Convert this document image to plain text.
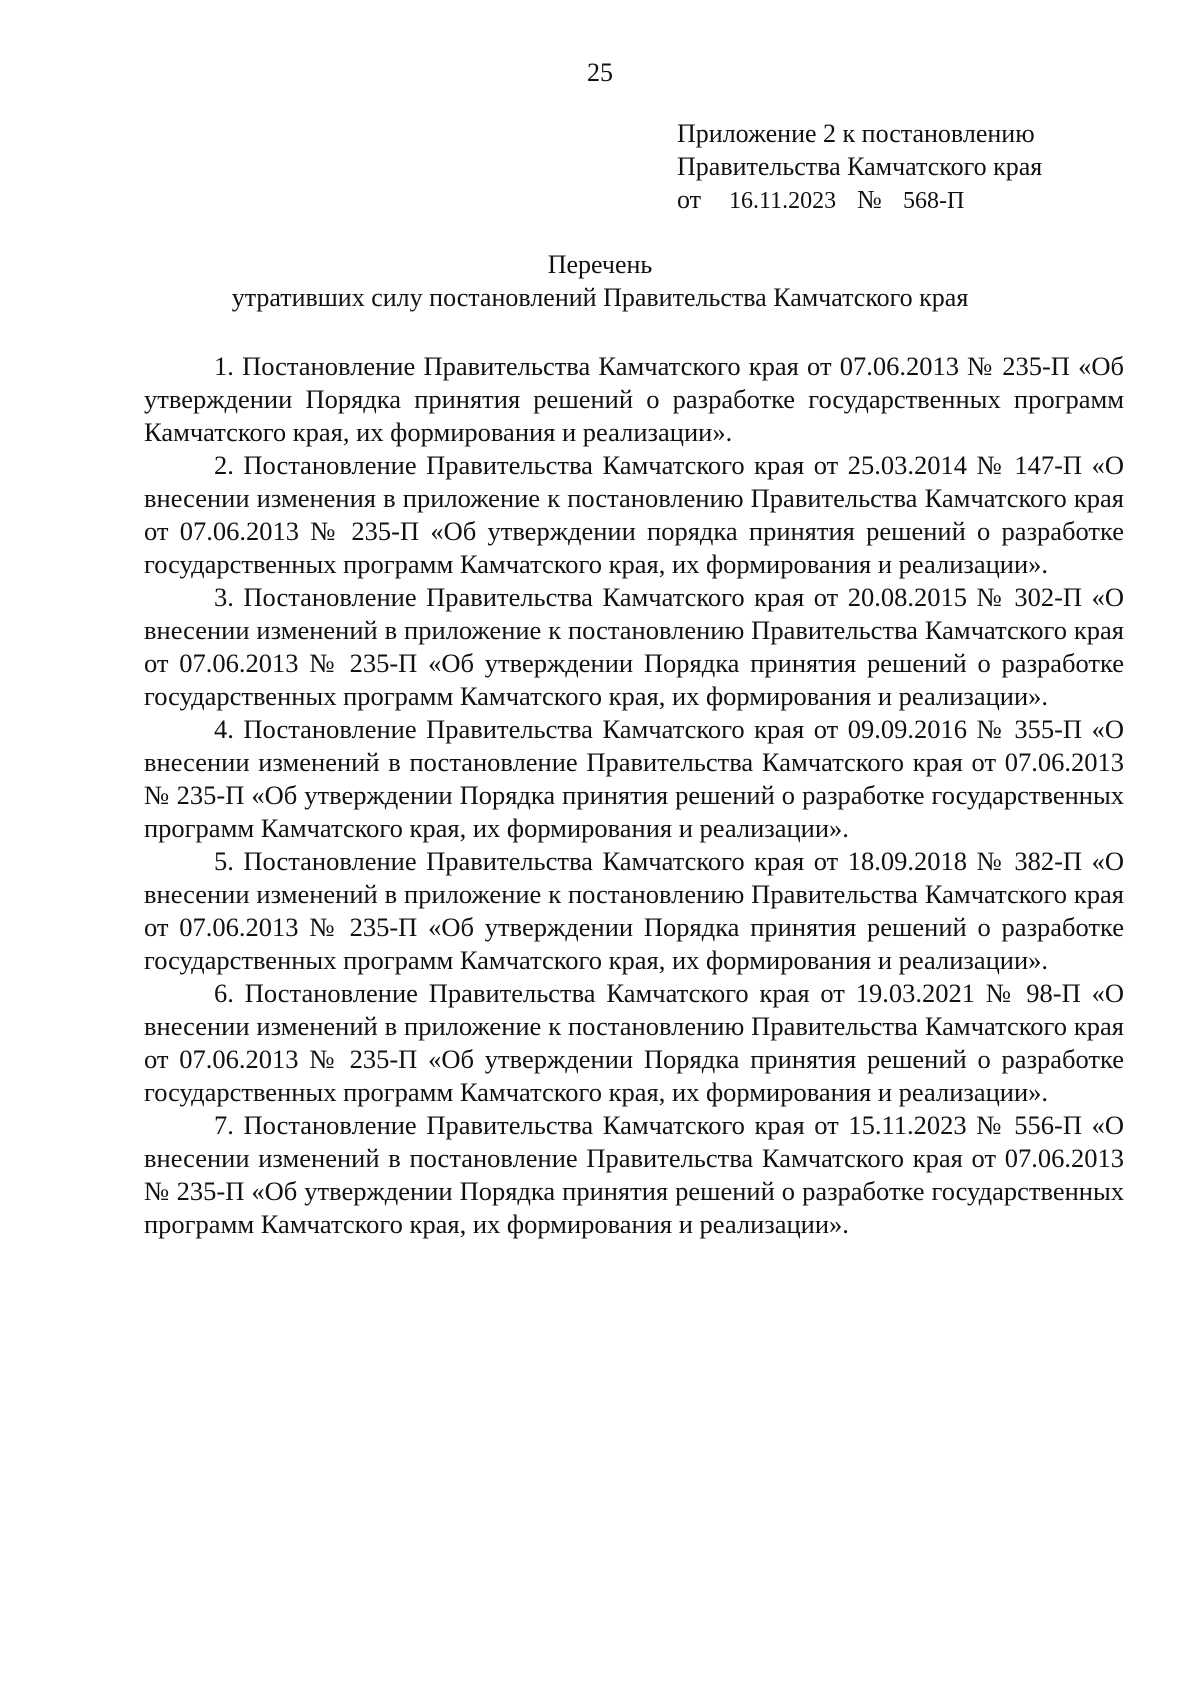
25
Приложение 2 к постановлению
Правительства Камчатского края
от 16.11.2023 № 568-П
Перечень
утративших силу постановлений Правительства Камчатского края

1. Постановление Правительства Камчатского края от 07.06.2013 № 235-П «Об утверждении Порядка принятия решений о разработке государственных программ Камчатского края, их формирования и реализации».

2. Постановление Правительства Камчатского края от 25.03.2014 № 147-П «О внесении изменения в приложение к постановлению Правительства Камчатского края от 07.06.2013 № 235-П «Об утверждении порядка принятия решений о разработке государственных программ Камчатского края, их формирования и реализации».

3. Постановление Правительства Камчатского края от 20.08.2015 № 302-П «О внесении изменений в приложение к постановлению Правительства Камчатского края от 07.06.2013 № 235-П «Об утверждении Порядка принятия решений о разработке государственных программ Камчатского края, их формирования и реализации».

4. Постановление Правительства Камчатского края от 09.09.2016 № 355-П «О внесении изменений в постановление Правительства Камчатского края от 07.06.2013 № 235-П «Об утверждении Порядка принятия решений о разработке государственных программ Камчатского края, их формирования и реализации».

5. Постановление Правительства Камчатского края от 18.09.2018 № 382-П «О внесении изменений в приложение к постановлению Правительства Камчатского края от 07.06.2013 № 235-П «Об утверждении Порядка принятия решений о разработке государственных программ Камчатского края, их формирования и реализации».

6. Постановление Правительства Камчатского края от 19.03.2021 № 98-П «О внесении изменений в приложение к постановлению Правительства Камчатского края от 07.06.2013 № 235-П «Об утверждении Порядка принятия решений о разработке государственных программ Камчатского края, их формирования и реализации».

7. Постановление Правительства Камчатского края от 15.11.2023 № 556-П «О внесении изменений в постановление Правительства Камчатского края от 07.06.2013 № 235-П «Об утверждении Порядка принятия решений о разработке государственных программ Камчатского края, их формирования и реализации».
